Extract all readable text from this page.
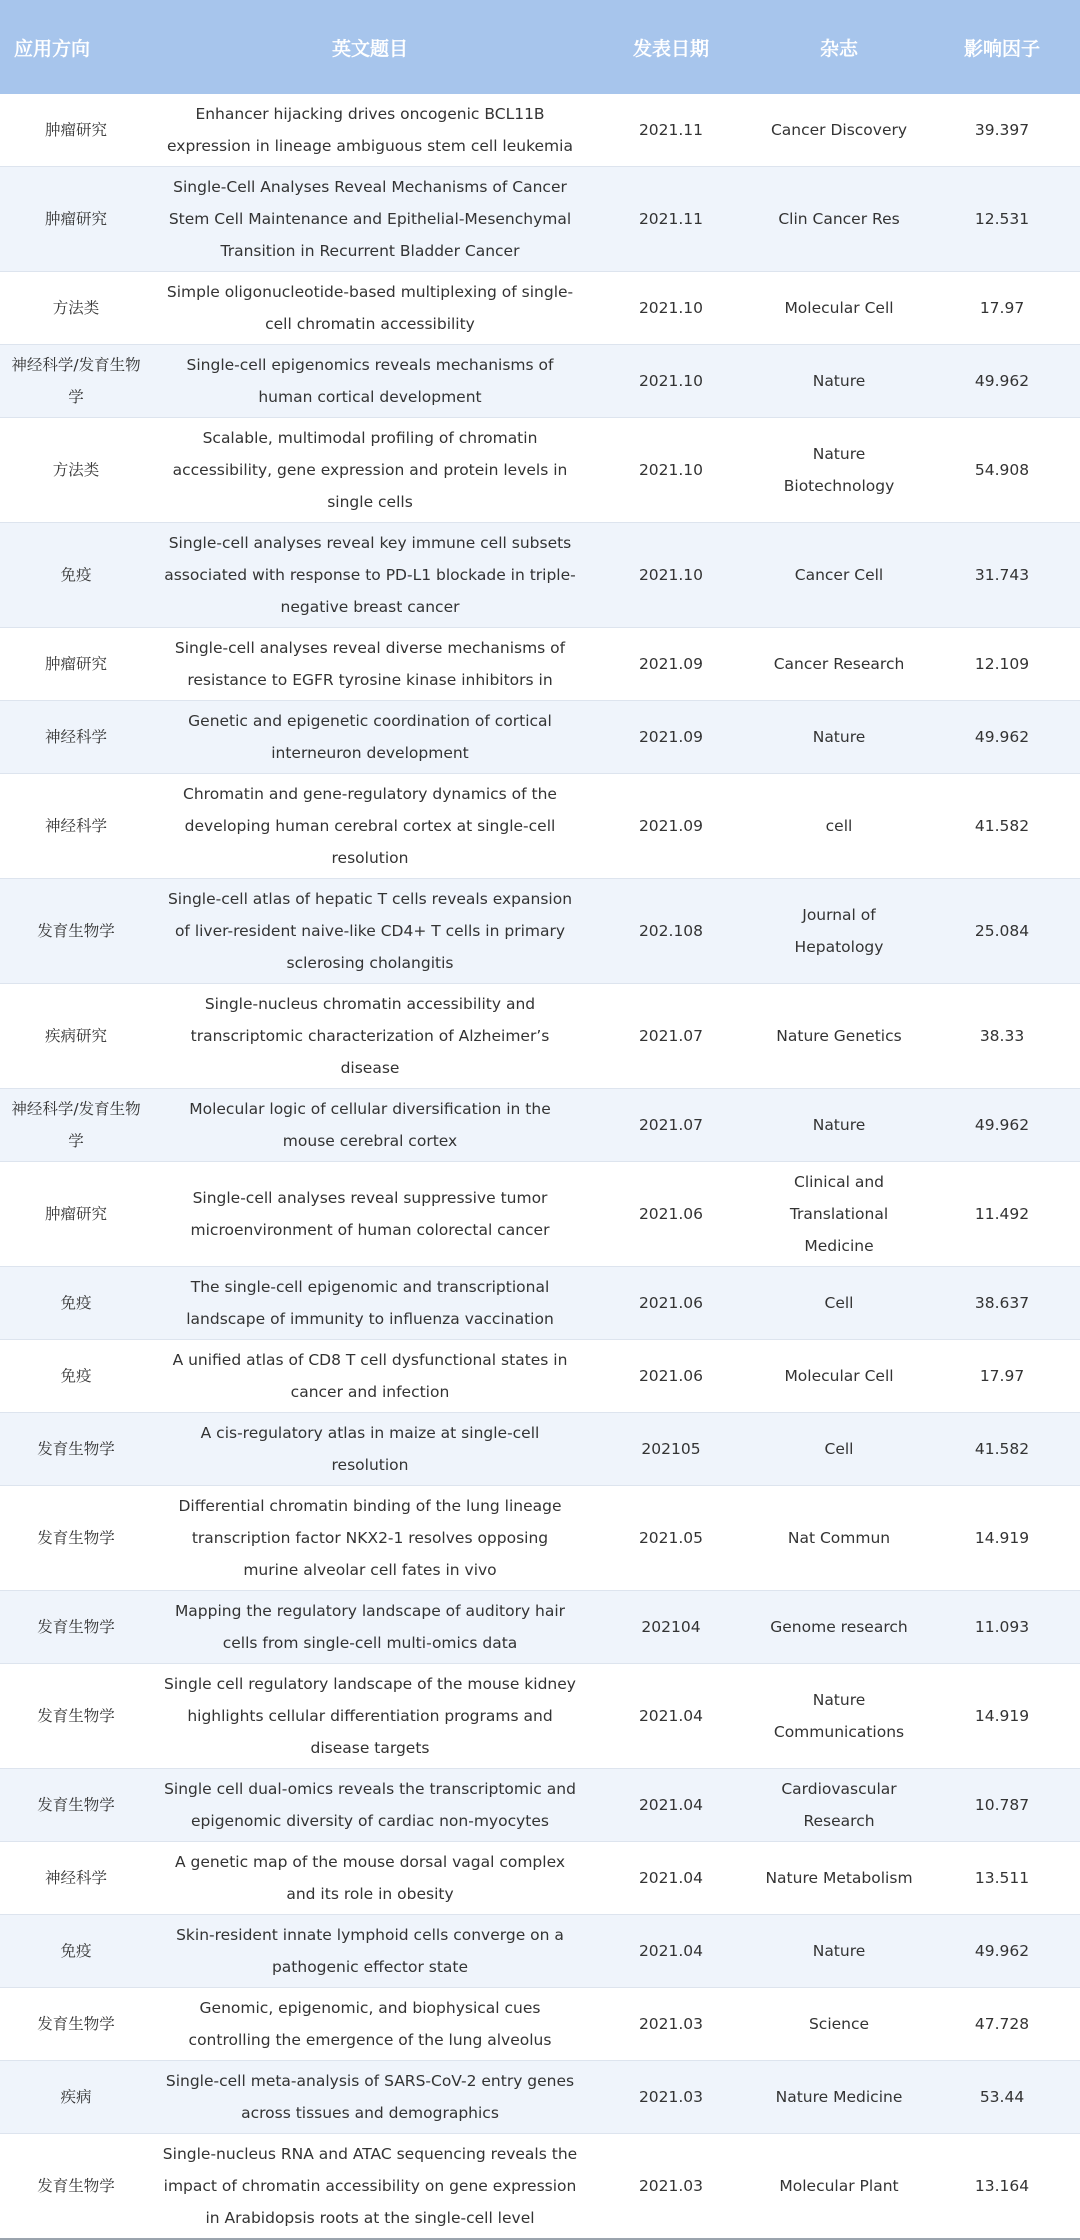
应用方向	英文题目	发表日期	杂志	影响因子
肿瘤研究	Enhancer hijacking drives oncogenic BCL11B expression in lineage ambiguous stem cell leukemia	2021.11	Cancer Discovery	39.397
肿瘤研究	Single-Cell Analyses Reveal Mechanisms of Cancer Stem Cell Maintenance and Epithelial-Mesenchymal Transition in Recurrent Bladder Cancer	2021.11	Clin Cancer Res	12.531
方法类	Simple oligonucleotide-based multiplexing of single-cell chromatin accessibility	2021.10	Molecular Cell	17.97
神经科学/发育生物学	Single-cell epigenomics reveals mechanisms of human cortical development	2021.10	Nature	49.962
方法类	Scalable, multimodal profiling of chromatin accessibility, gene expression and protein levels in single cells	2021.10	Nature Biotechnology	54.908
免疫	Single-cell analyses reveal key immune cell subsets associated with response to PD-L1 blockade in triple-negative breast cancer	2021.10	Cancer Cell	31.743
肿瘤研究	Single-cell analyses reveal diverse mechanisms of resistance to EGFR tyrosine kinase inhibitors in	2021.09	Cancer Research	12.109
神经科学	Genetic and epigenetic coordination of cortical interneuron development	2021.09	Nature	49.962
神经科学	Chromatin and gene-regulatory dynamics of the developing human cerebral cortex at single-cell resolution	2021.09	cell	41.582
发育生物学	Single-cell atlas of hepatic T cells reveals expansion of liver-resident naive-like CD4+ T cells in primary sclerosing cholangitis	202.108	Journal of Hepatology	25.084
疾病研究	Single-nucleus chromatin accessibility and transcriptomic characterization of Alzheimer’s disease	2021.07	Nature Genetics	38.33
神经科学/发育生物学	Molecular logic of cellular diversification in the mouse cerebral cortex	2021.07	Nature	49.962
肿瘤研究	Single-cell analyses reveal suppressive tumor microenvironment of human colorectal cancer	2021.06	Clinical and Translational Medicine	11.492
免疫	The single-cell epigenomic and transcriptional landscape of immunity to influenza vaccination	2021.06	Cell	38.637
免疫	A unified atlas of CD8 T cell dysfunctional states in cancer and infection	2021.06	Molecular Cell	17.97
发育生物学	A cis-regulatory atlas in maize at single-cell resolution	202105	Cell	41.582
发育生物学	Differential chromatin binding of the lung lineage transcription factor NKX2-1 resolves opposing murine alveolar cell fates in vivo	2021.05	Nat Commun	14.919
发育生物学	Mapping the regulatory landscape of auditory hair cells from single-cell multi-omics data	202104	Genome research	11.093
发育生物学	Single cell regulatory landscape of the mouse kidney highlights cellular differentiation programs and disease targets	2021.04	Nature Communications	14.919
发育生物学	Single cell dual-omics reveals the transcriptomic and epigenomic diversity of cardiac non-myocytes	2021.04	Cardiovascular Research	10.787
神经科学	A genetic map of the mouse dorsal vagal complex and its role in obesity	2021.04	Nature Metabolism	13.511
免疫	Skin-resident innate lymphoid cells converge on a pathogenic effector state	2021.04	Nature	49.962
发育生物学	Genomic, epigenomic, and biophysical cues controlling the emergence of the lung alveolus	2021.03	Science	47.728
疾病	Single-cell meta-analysis of SARS-CoV-2 entry genes across tissues and demographics	2021.03	Nature Medicine	53.44
发育生物学	Single-nucleus RNA and ATAC sequencing reveals the impact of chromatin accessibility on gene expression in Arabidopsis roots at the single-cell level	2021.03	Molecular Plant	13.164
